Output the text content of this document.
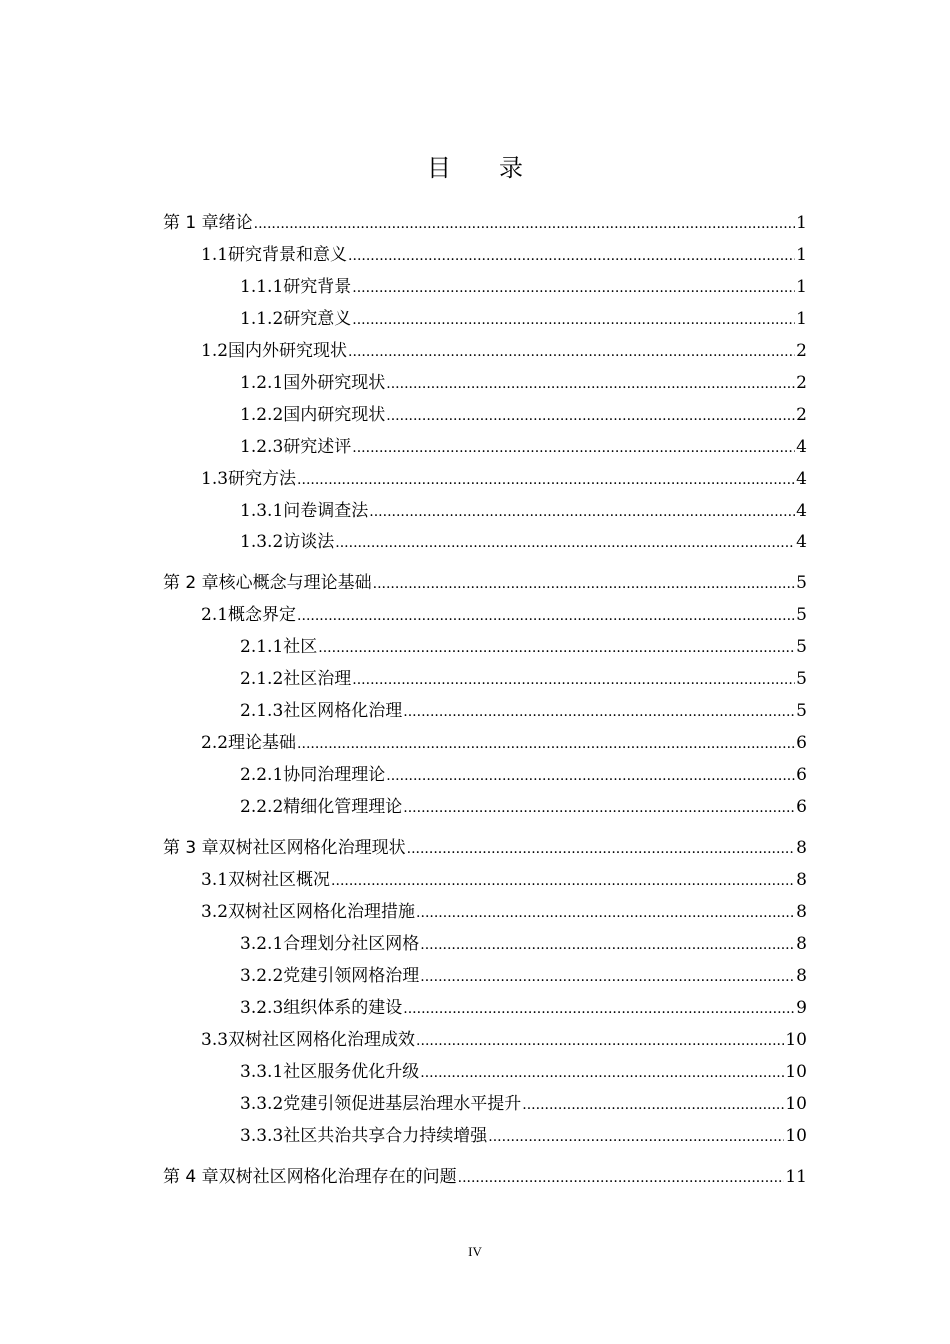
目 录
第 1 章 绪论 .....	1
1.1 研究背景和意义 .....	1
1.1.1 研究背景 .....	1
1.1.2 研究意义 .....	1
1.2 国内外研究现状 .....	2
1.2.1 国外研究现状 .....	2
1.2.2 国内研究现状 .....	2
1.2.3 研究述评 .....	4
1.3 研究方法 .....	4
1.3.1 问卷调查法 .....	4
1.3.2 访谈法 .....	4
第 2 章 核心概念与理论基础 .....	5
2.1 概念界定 .....	5
2.1.1 社区 .....	5
2.1.2 社区治理 .....	5
2.1.3 社区网格化治理 .....	5
2.2 理论基础 .....	6
2.2.1 协同治理理论 .....	6
2.2.2 精细化管理理论 .....	6
第 3 章 双树社区网格化治理现状 .....	8
3.1 双树社区概况 .....	8
3.2 双树社区网格化治理措施 .....	8
3.2.1 合理划分社区网格 .....	8
3.2.2 党建引领网格治理 .....	8
3.2.3 组织体系的建设 .....	9
3.3 双树社区网格化治理成效 .....	10
3.3.1 社区服务优化升级 .....	10
3.3.2 党建引领促进基层治理水平提升 .....	10
3.3.3 社区共治共享合力持续增强 .....	10
第 4 章 双树社区网格化治理存在的问题 .....	11
IV
